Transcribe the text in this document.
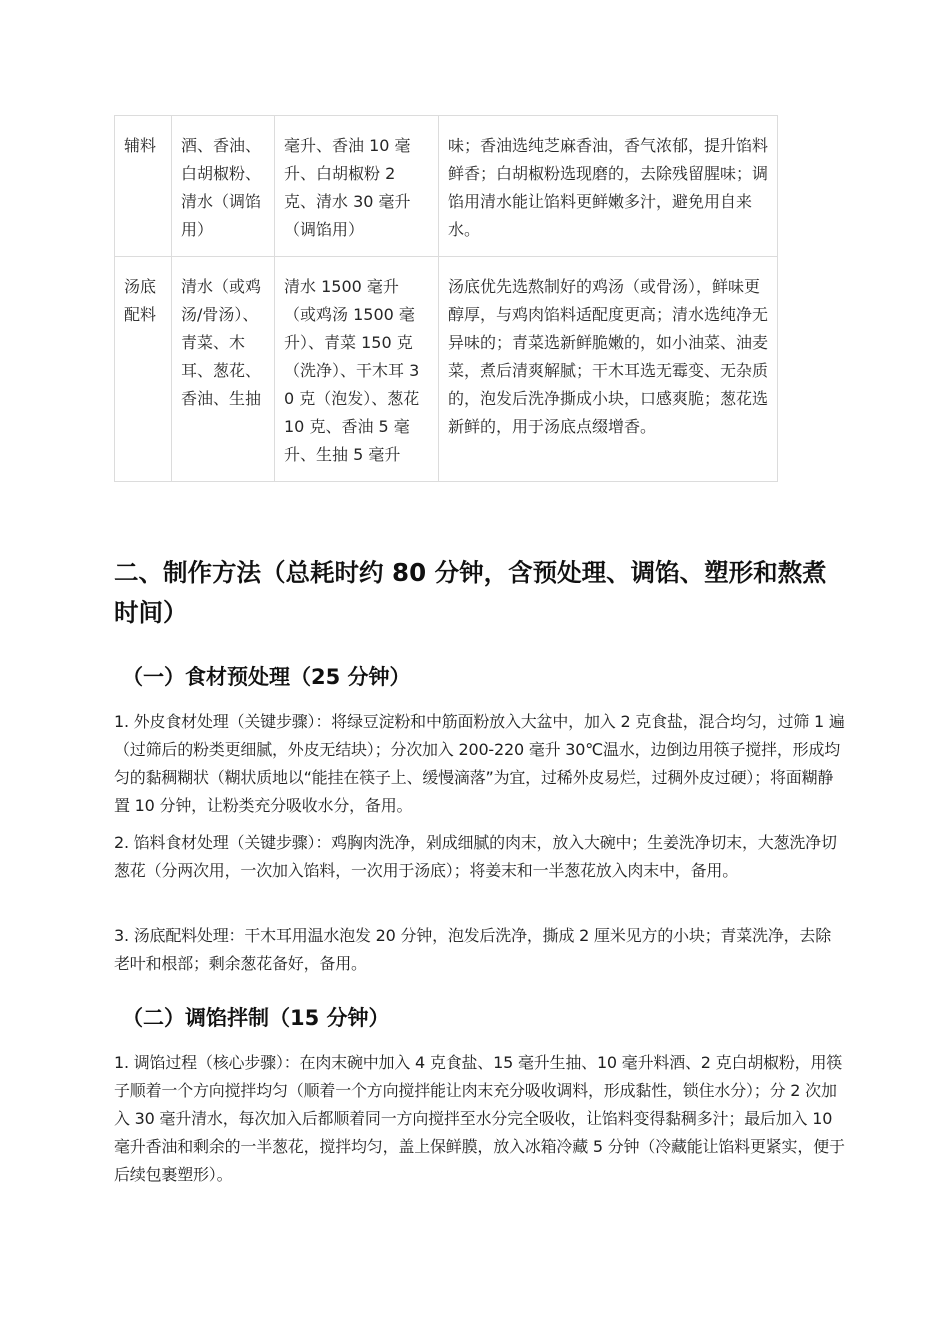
辅料	酒、香油、白胡椒粉、清水（调馅用）	毫升、香油 10 毫升、白胡椒粉 2 克、清水 30 毫升（调馅用）	味；香油选纯芝麻香油，香气浓郁，提升馅料鲜香；白胡椒粉选现磨的，去除残留腥味；调馅用清水能让馅料更鲜嫩多汁，避免用自来水。
汤底配料	清水（或鸡汤/骨汤）、青菜、木耳、葱花、香油、生抽	清水 1500 毫升（或鸡汤 1500 毫升）、青菜 150 克（洗净）、干木耳 30 克（泡发）、葱花 10 克、香油 5 毫升、生抽 5 毫升	汤底优先选熬制好的鸡汤（或骨汤），鲜味更醇厚，与鸡肉馅料适配度更高；清水选纯净无异味的；青菜选新鲜脆嫩的，如小油菜、油麦菜，煮后清爽解腻；干木耳选无霉变、无杂质的，泡发后洗净撕成小块，口感爽脆；葱花选新鲜的，用于汤底点缀增香。
二、制作方法（总耗时约 80 分钟，含预处理、调馅、塑形和熬煮时间）
（一）食材预处理（25 分钟）

1. 外皮食材处理（关键步骤）：将绿豆淀粉和中筋面粉放入大盆中，加入 2 克食盐，混合均匀，过筛 1 遍（过筛后的粉类更细腻，外皮无结块）；分次加入 200-220 毫升 30℃温水，边倒边用筷子搅拌，形成均匀的黏稠糊状（糊状质地以“能挂在筷子上、缓慢滴落”为宜，过稀外皮易烂，过稠外皮过硬）；将面糊静置 10 分钟，让粉类充分吸收水分，备用。

2. 馅料食材处理（关键步骤）：鸡胸肉洗净，剁成细腻的肉末，放入大碗中；生姜洗净切末，大葱洗净切葱花（分两次用，一次加入馅料，一次用于汤底）；将姜末和一半葱花放入肉末中，备用。

3. 汤底配料处理：干木耳用温水泡发 20 分钟，泡发后洗净，撕成 2 厘米见方的小块；青菜洗净，去除老叶和根部；剩余葱花备好，备用。

（二）调馅拌制（15 分钟）

1. 调馅过程（核心步骤）：在肉末碗中加入 4 克食盐、15 毫升生抽、10 毫升料酒、2 克白胡椒粉，用筷子顺着一个方向搅拌均匀（顺着一个方向搅拌能让肉末充分吸收调料，形成黏性，锁住水分）；分 2 次加入 30 毫升清水，每次加入后都顺着同一方向搅拌至水分完全吸收，让馅料变得黏稠多汁；最后加入 10 毫升香油和剩余的一半葱花，搅拌均匀，盖上保鲜膜，放入冰箱冷藏 5 分钟（冷藏能让馅料更紧实，便于后续包裹塑形）。
